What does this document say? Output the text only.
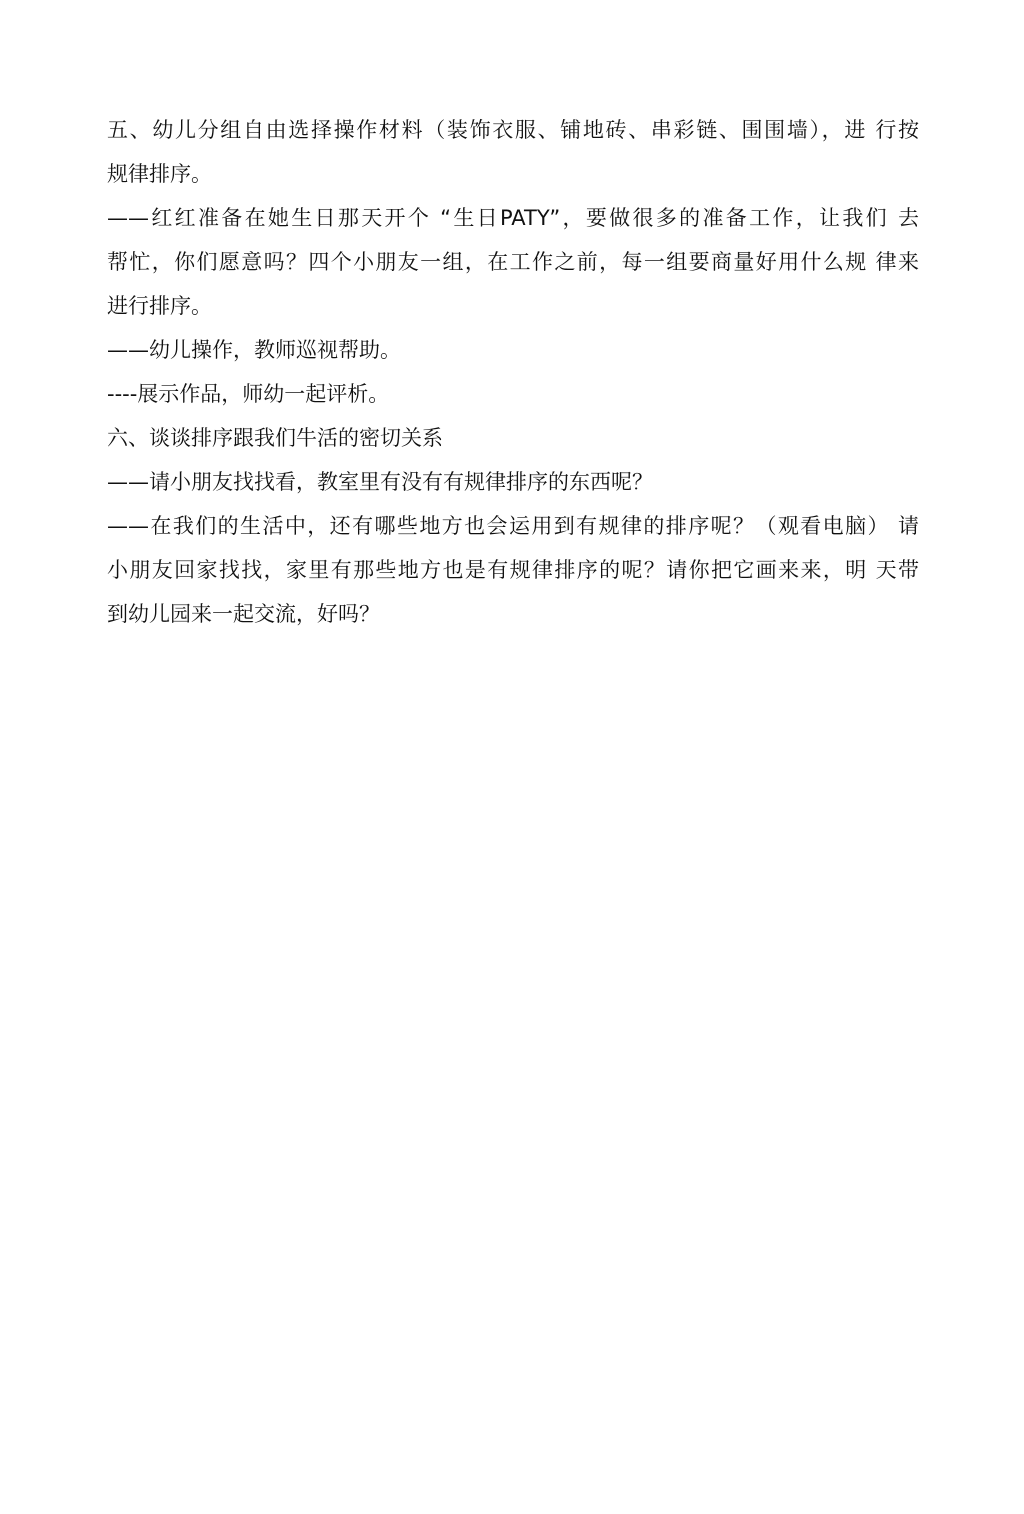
五、幼儿分组自由选择操作材料（装饰衣服、铺地砖、串彩链、围围墙），进 行按
规律排序。
——红红准备在她生日那天开个 “生日PATY”，要做很多的准备工作，让我们 去
帮忙，你们愿意吗？四个小朋友一组，在工作之前，每一组要商量好用什么规 律来
进行排序。
——幼儿操作，教师巡视帮助。
----展示作品，师幼一起评析。
六、谈谈排序跟我们牛活的密切关系
——请小朋友找找看，教室里有没有有规律排序的东西呢？
——在我们的生活中，还有哪些地方也会运用到有规律的排序呢？（观看电脑） 请
小朋友回家找找，家里有那些地方也是有规律排序的呢？请你把它画来来，明 天带
到幼儿园来一起交流，好吗？
